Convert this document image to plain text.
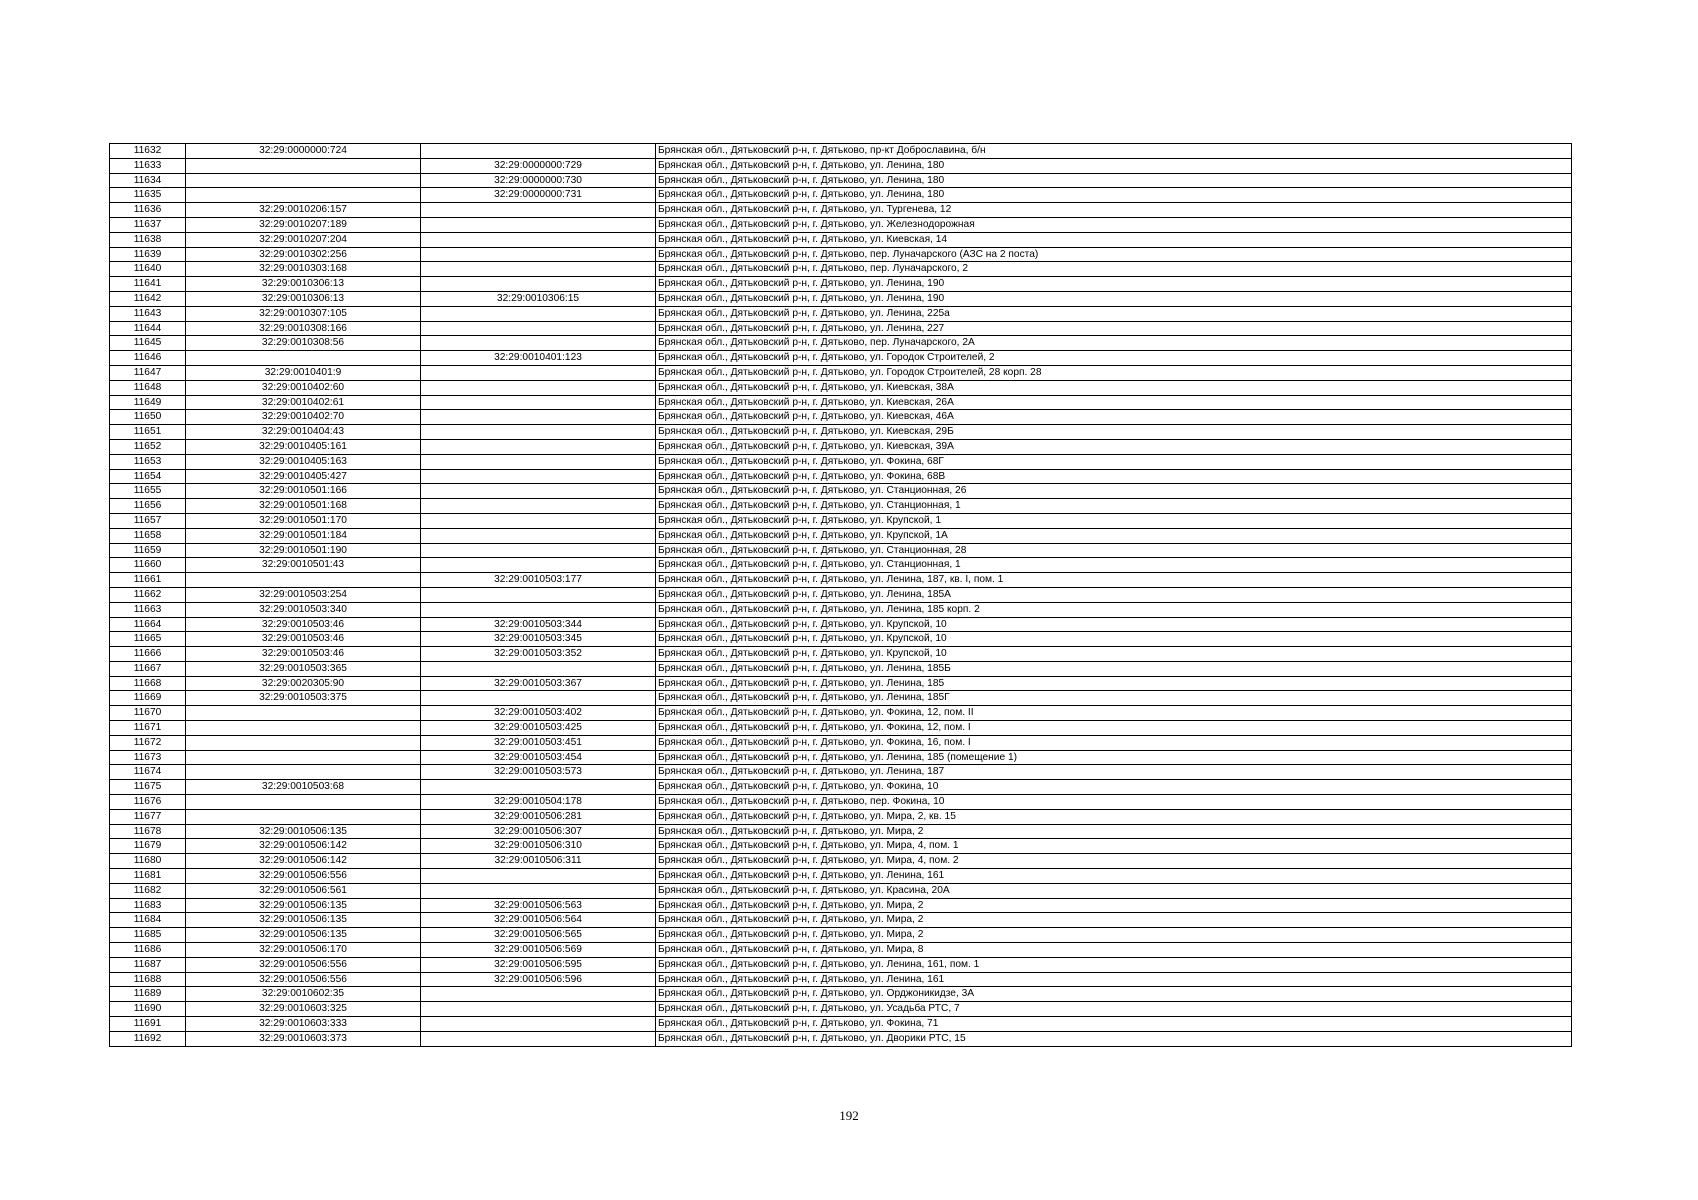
11632	32:29:0000000:724		Брянская обл., Дятьковский р-н, г. Дятьково, пр-кт Доброславина, б/н
11633		32:29:0000000:729	Брянская обл., Дятьковский р-н, г. Дятьково, ул. Ленина, 180
11634		32:29:0000000:730	Брянская обл., Дятьковский р-н, г. Дятьково, ул. Ленина, 180
11635		32:29:0000000:731	Брянская обл., Дятьковский р-н, г. Дятьково, ул. Ленина, 180
11636	32:29:0010206:157		Брянская обл., Дятьковский р-н, г. Дятьково, ул. Тургенева, 12
11637	32:29:0010207:189		Брянская обл., Дятьковский р-н, г. Дятьково, ул. Железнодорожная
11638	32:29:0010207:204		Брянская обл., Дятьковский р-н, г. Дятьково, ул. Киевская, 14
11639	32:29:0010302:256		Брянская обл., Дятьковский р-н, г. Дятьково, пер. Луначарского (АЗС на 2 поста)
11640	32:29:0010303:168		Брянская обл., Дятьковский р-н, г. Дятьково, пер. Луначарского, 2
11641	32:29:0010306:13		Брянская обл., Дятьковский р-н, г. Дятьково, ул. Ленина, 190
11642	32:29:0010306:13	32:29:0010306:15	Брянская обл., Дятьковский р-н, г. Дятьково, ул. Ленина, 190
11643	32:29:0010307:105		Брянская обл., Дятьковский р-н, г. Дятьково, ул. Ленина, 225а
11644	32:29:0010308:166		Брянская обл., Дятьковский р-н, г. Дятьково, ул. Ленина, 227
11645	32:29:0010308:56		Брянская обл., Дятьковский р-н, г. Дятьково, пер. Луначарского, 2А
11646		32:29:0010401:123	Брянская обл., Дятьковский р-н, г. Дятьково, ул. Городок Строителей, 2
11647	32:29:0010401:9		Брянская обл., Дятьковский р-н, г. Дятьково, ул. Городок Строителей, 28 корп. 28
11648	32:29:0010402:60		Брянская обл., Дятьковский р-н, г. Дятьково, ул. Киевская, 38А
11649	32:29:0010402:61		Брянская обл., Дятьковский р-н, г. Дятьково, ул. Киевская, 26А
11650	32:29:0010402:70		Брянская обл., Дятьковский р-н, г. Дятьково, ул. Киевская, 46А
11651	32:29:0010404:43		Брянская обл., Дятьковский р-н, г. Дятьково, ул. Киевская, 29Б
11652	32:29:0010405:161		Брянская обл., Дятьковский р-н, г. Дятьково, ул. Киевская, 39А
11653	32:29:0010405:163		Брянская обл., Дятьковский р-н, г. Дятьково, ул. Фокина, 68Г
11654	32:29:0010405:427		Брянская обл., Дятьковский р-н, г. Дятьково, ул. Фокина, 68В
11655	32:29:0010501:166		Брянская обл., Дятьковский р-н, г. Дятьково, ул. Станционная, 26
11656	32:29:0010501:168		Брянская обл., Дятьковский р-н, г. Дятьково, ул. Станционная, 1
11657	32:29:0010501:170		Брянская обл., Дятьковский р-н, г. Дятьково, ул. Крупской, 1
11658	32:29:0010501:184		Брянская обл., Дятьковский р-н, г. Дятьково, ул. Крупской, 1А
11659	32:29:0010501:190		Брянская обл., Дятьковский р-н, г. Дятьково, ул. Станционная, 28
11660	32:29:0010501:43		Брянская обл., Дятьковский р-н, г. Дятьково, ул. Станционная, 1
11661		32:29:0010503:177	Брянская обл., Дятьковский р-н, г. Дятьково, ул. Ленина, 187, кв. I, пом. 1
11662	32:29:0010503:254		Брянская обл., Дятьковский р-н, г. Дятьково, ул. Ленина, 185А
11663	32:29:0010503:340		Брянская обл., Дятьковский р-н, г. Дятьково, ул. Ленина, 185 корп. 2
11664	32:29:0010503:46	32:29:0010503:344	Брянская обл., Дятьковский р-н, г. Дятьково, ул. Крупской, 10
11665	32:29:0010503:46	32:29:0010503:345	Брянская обл., Дятьковский р-н, г. Дятьково, ул. Крупской, 10
11666	32:29:0010503:46	32:29:0010503:352	Брянская обл., Дятьковский р-н, г. Дятьково, ул. Крупской, 10
11667	32:29:0010503:365		Брянская обл., Дятьковский р-н, г. Дятьково, ул. Ленина, 185Б
11668	32:29:0020305:90	32:29:0010503:367	Брянская обл., Дятьковский р-н, г. Дятьково, ул. Ленина, 185
11669	32:29:0010503:375		Брянская обл., Дятьковский р-н, г. Дятьково, ул. Ленина, 185Г
11670		32:29:0010503:402	Брянская обл., Дятьковский р-н, г. Дятьково, ул. Фокина, 12, пом. II
11671		32:29:0010503:425	Брянская обл., Дятьковский р-н, г. Дятьково, ул. Фокина, 12, пом. I
11672		32:29:0010503:451	Брянская обл., Дятьковский р-н, г. Дятьково, ул. Фокина, 16, пом. I
11673		32:29:0010503:454	Брянская обл., Дятьковский р-н, г. Дятьково, ул. Ленина, 185 (помещение 1)
11674		32:29:0010503:573	Брянская обл., Дятьковский р-н, г. Дятьково, ул. Ленина, 187
11675	32:29:0010503:68		Брянская обл., Дятьковский р-н, г. Дятьково, ул. Фокина, 10
11676		32:29:0010504:178	Брянская обл., Дятьковский р-н, г. Дятьково, пер. Фокина, 10
11677		32:29:0010506:281	Брянская обл., Дятьковский р-н, г. Дятьково, ул. Мира, 2, кв. 15
11678	32:29:0010506:135	32:29:0010506:307	Брянская обл., Дятьковский р-н, г. Дятьково, ул. Мира, 2
11679	32:29:0010506:142	32:29:0010506:310	Брянская обл., Дятьковский р-н, г. Дятьково, ул. Мира, 4, пом. 1
11680	32:29:0010506:142	32:29:0010506:311	Брянская обл., Дятьковский р-н, г. Дятьково, ул. Мира, 4, пом. 2
11681	32:29:0010506:556		Брянская обл., Дятьковский р-н, г. Дятьково, ул. Ленина, 161
11682	32:29:0010506:561		Брянская обл., Дятьковский р-н, г. Дятьково, ул. Красина, 20А
11683	32:29:0010506:135	32:29:0010506:563	Брянская обл., Дятьковский р-н, г. Дятьково, ул. Мира, 2
11684	32:29:0010506:135	32:29:0010506:564	Брянская обл., Дятьковский р-н, г. Дятьково, ул. Мира, 2
11685	32:29:0010506:135	32:29:0010506:565	Брянская обл., Дятьковский р-н, г. Дятьково, ул. Мира, 2
11686	32:29:0010506:170	32:29:0010506:569	Брянская обл., Дятьковский р-н, г. Дятьково, ул. Мира, 8
11687	32:29:0010506:556	32:29:0010506:595	Брянская обл., Дятьковский р-н, г. Дятьково, ул. Ленина, 161, пом. 1
11688	32:29:0010506:556	32:29:0010506:596	Брянская обл., Дятьковский р-н, г. Дятьково, ул. Ленина, 161
11689	32:29:0010602:35		Брянская обл., Дятьковский р-н, г. Дятьково, ул. Орджоникидзе, 3А
11690	32:29:0010603:325		Брянская обл., Дятьковский р-н, г. Дятьково, ул. Усадьба РТС, 7
11691	32:29:0010603:333		Брянская обл., Дятьковский р-н, г. Дятьково, ул. Фокина, 71
11692	32:29:0010603:373		Брянская обл., Дятьковский р-н, г. Дятьково, ул. Дворики РТС, 15
192
